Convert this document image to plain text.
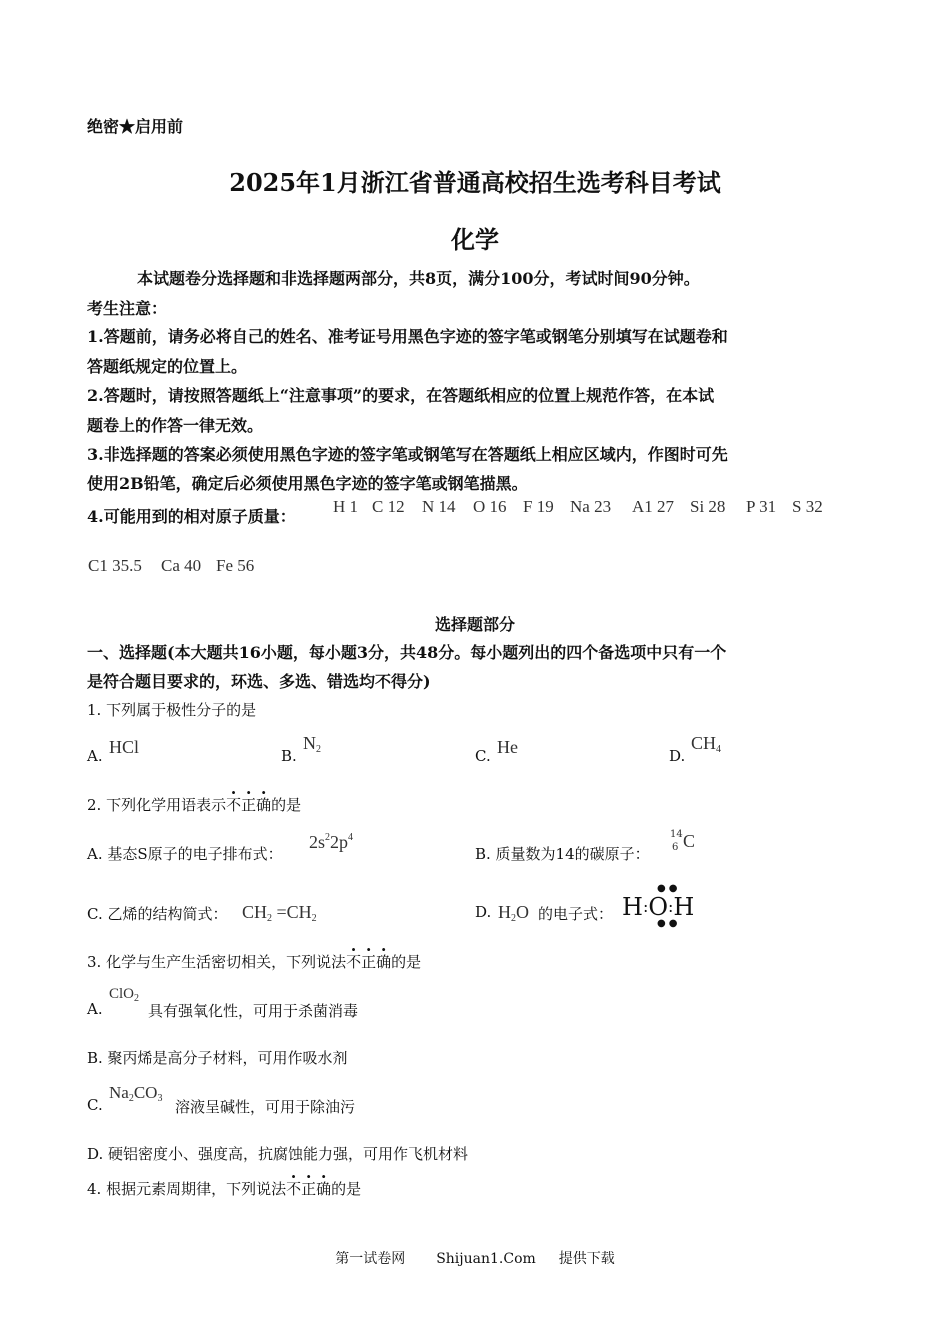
绝密★启用前
2025年1月浙江省普通高校招生选考科目考试
化学
本试题卷分选择题和非选择题两部分，共8页，满分100分，考试时间90分钟。
考生注意：
1.答题前，请务必将自己的姓名、准考证号用黑色字迹的签字笔或钢笔分别填写在试题卷和
答题纸规定的位置上。
2.答题时，请按照答题纸上“注意事项”的要求，在答题纸相应的位置上规范作答，在本试
题卷上的作答一律无效。
3.非选择题的答案必须使用黑色字迹的签字笔或钢笔写在答题纸上相应区域内，作图时可先
使用2B铅笔，确定后必须使用黑色字迹的签字笔或钢笔描黑。
4.可能用到的相对原子质量：
H 1 C 12 N 14 O 16 F 19 Na 23 A1 27 Si 28 P 31 S 32
C1 35.5 Ca 40 Fe 56
选择题部分
一、选择题(本大题共16小题，每小题3分，共48分。每小题列出的四个备选项中只有一个
是符合题目要求的，环选、多选、错选均不得分)
1. 下列属于极性分子的是
A. HCl	B.
$N_2$	C. He	D.
$CH_4$
2. 下列化学用语表示不正确的是
A. 基态S原子的电子排布式：
$2s^22p^4$
B. 质量数为14的碳原子：
14
6 C
C. 乙烯的结构简式： $CH_2 =CH_2$	D. $H_2O$ 的电子式： H:O:H
●●
●●
3. 化学与生产生活密切相关，下列说法不正确的是
A.
ClO$_2$
具有强氧化性，可用于杀菌消毒
B. 聚丙烯是高分子材料，可用作吸水剂
C.
$Na_2CO_3$ 溶液呈碱性，可用于除油污
D. 硬铝密度小、强度高，抗腐蚀能力强，可用作飞机材料
4. 根据元素周期律，下列说法不正确的是
第一试卷网 Shijuan1.Com 提供下载
